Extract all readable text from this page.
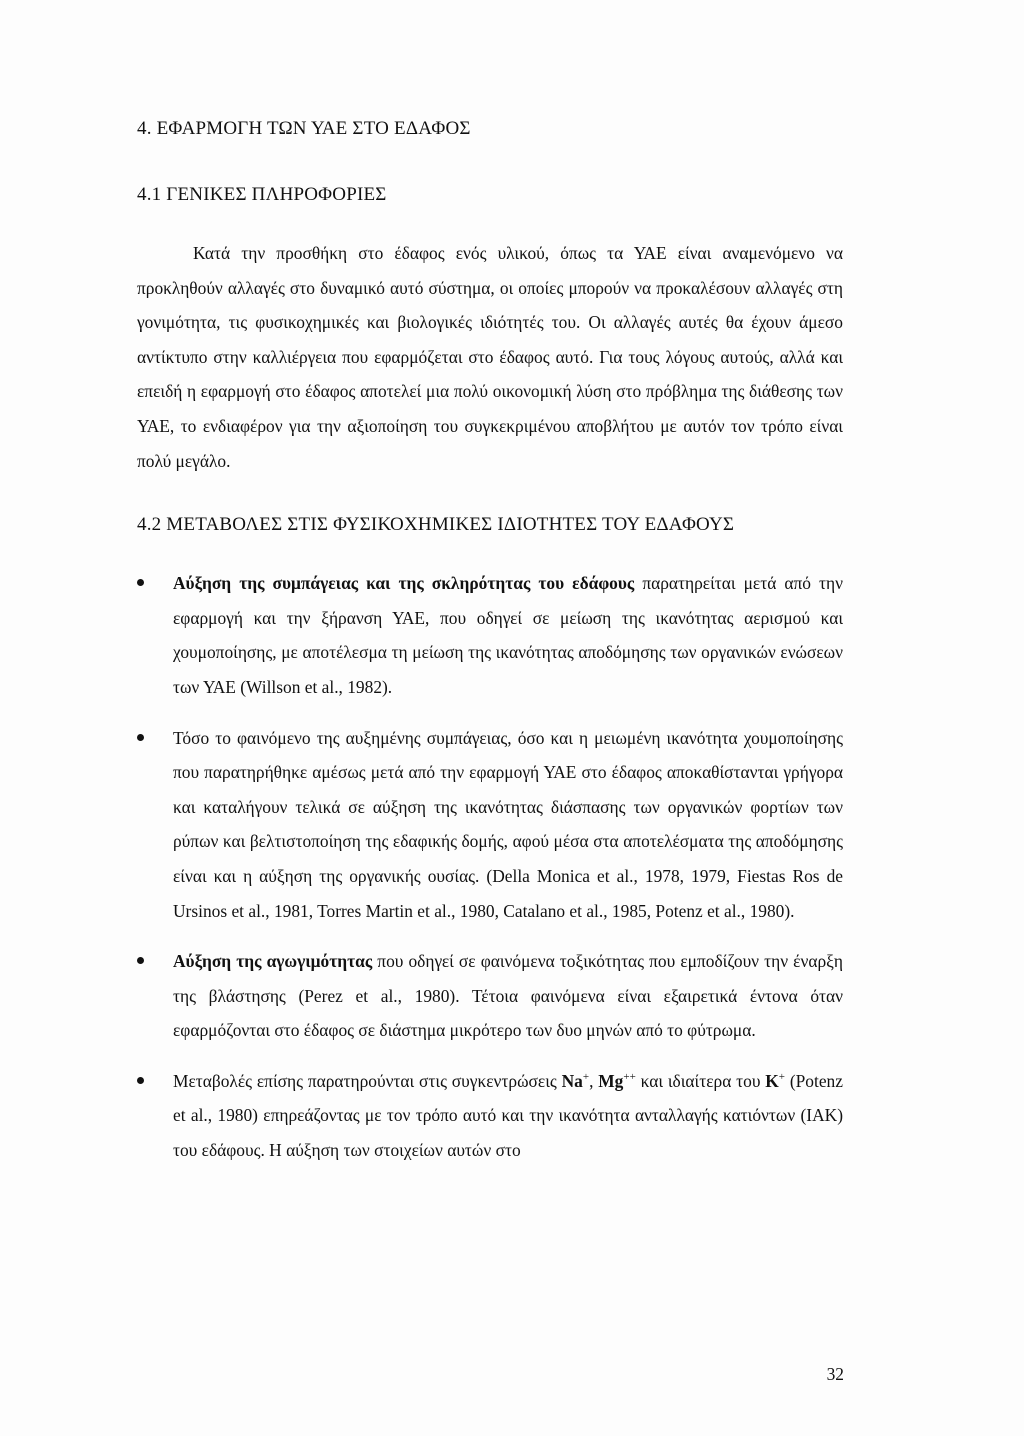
4. ΕΦΑΡΜΟΓΗ ΤΩΝ ΥΑΕ ΣΤΟ ΕΔΑΦΟΣ
4.1 ΓΕΝΙΚΕΣ ΠΛΗΡΟΦΟΡΙΕΣ

Κατά την προσθήκη στο έδαφος ενός υλικού, όπως τα ΥΑΕ είναι αναμενόμενο να προκληθούν αλλαγές στο δυναμικό αυτό σύστημα, οι οποίες μπορούν να προκαλέσουν αλλαγές στη γονιμότητα, τις φυσικοχημικές και βιολογικές ιδιότητές του. Οι αλλαγές αυτές θα έχουν άμεσο αντίκτυπο στην καλλιέργεια που εφαρμόζεται στο έδαφος αυτό. Για τους λόγους αυτούς, αλλά και επειδή η εφαρμογή στο έδαφος αποτελεί μια πολύ οικονομική λύση στο πρόβλημα της διάθεσης των ΥΑΕ, το ενδιαφέρον για την αξιοποίηση του συγκεκριμένου αποβλήτου με αυτόν τον τρόπο είναι πολύ μεγάλο.

4.2 ΜΕΤΑΒΟΛΕΣ ΣΤΙΣ ΦΥΣΙΚΟΧΗΜΙΚΕΣ ΙΔΙΟΤΗΤΕΣ ΤΟΥ ΕΔΑΦΟΥΣ
Αύξηση της συμπάγειας και της σκληρότητας του εδάφους παρατηρείται μετά από την εφαρμογή και την ξήρανση ΥΑΕ, που οδηγεί σε μείωση της ικανότητας αερισμού και χουμοποίησης, με αποτέλεσμα τη μείωση της ικανότητας αποδόμησης των οργανικών ενώσεων των ΥΑΕ (Willson et al., 1982).
Τόσο το φαινόμενο της αυξημένης συμπάγειας, όσο και η μειωμένη ικανότητα χουμοποίησης που παρατηρήθηκε αμέσως μετά από την εφαρμογή ΥΑΕ στο έδαφος αποκαθίστανται γρήγορα και καταλήγουν τελικά σε αύξηση της ικανότητας διάσπασης των οργανικών φορτίων των ρύπων και βελτιστοποίηση της εδαφικής δομής, αφού μέσα στα αποτελέσματα της αποδόμησης είναι και η αύξηση της οργανικής ουσίας. (Della Monica et al., 1978, 1979, Fiestas Ros de Ursinos et al., 1981, Torres Martin et al., 1980, Catalano et al., 1985, Potenz et al., 1980).
Αύξηση της αγωγιμότητας που οδηγεί σε φαινόμενα τοξικότητας που εμποδίζουν την έναρξη της βλάστησης (Perez et al., 1980). Τέτοια φαινόμενα είναι εξαιρετικά έντονα όταν εφαρμόζονται στο έδαφος σε διάστημα μικρότερο των δυο μηνών από το φύτρωμα.
Μεταβολές επίσης παρατηρούνται στις συγκεντρώσεις Na+, Mg++ και ιδιαίτερα του K+ (Potenz et al., 1980) επηρεάζοντας με τον τρόπο αυτό και την ικανότητα ανταλλαγής κατιόντων (ΙΑΚ) του εδάφους. Η αύξηση των στοιχείων αυτών στο
32
